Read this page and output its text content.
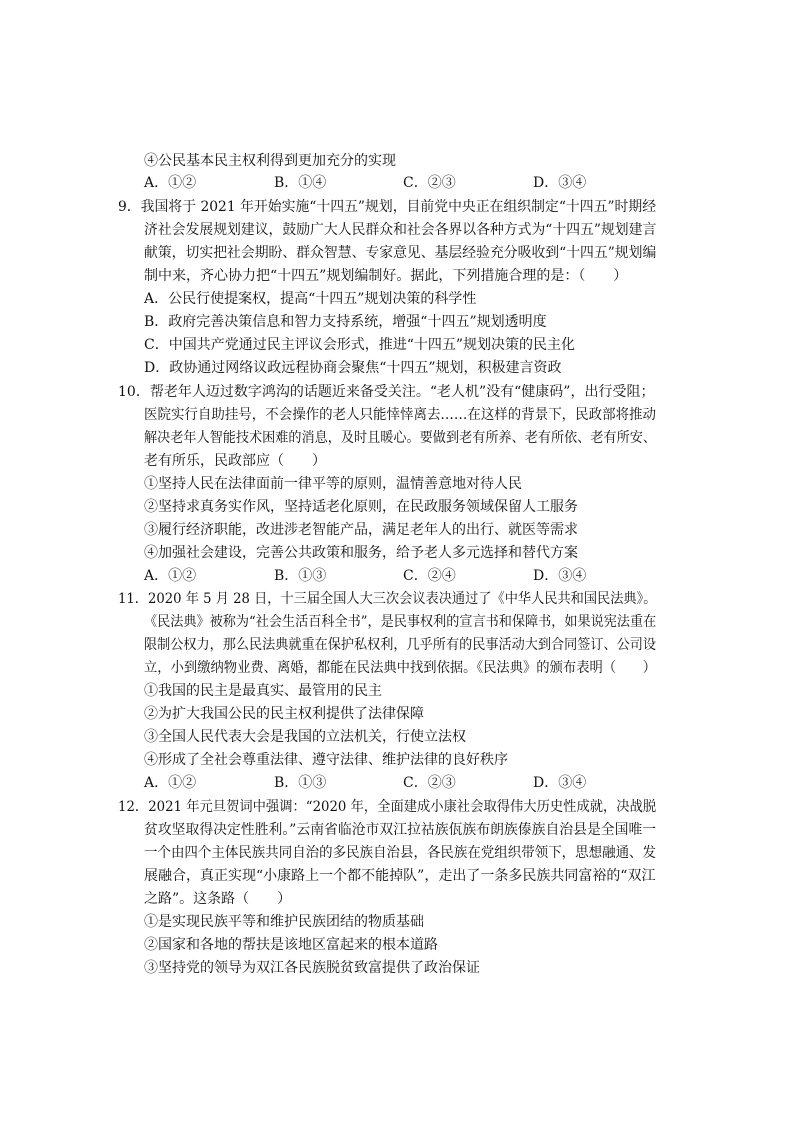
④公民基本民主权利得到更加充分的实现
A．①②	B．①④	C．②③	D．③④
9．我国将于 2021 年开始实施“十四五”规划，目前党中央正在组织制定“十四五”时期经
济社会发展规划建议，鼓励广大人民群众和社会各界以各种方式为“十四五”规划建言
献策，切实把社会期盼、群众智慧、专家意见、基层经验充分吸收到“十四五”规划编
制中来，齐心协力把“十四五”规划编制好。据此，下列措施合理的是：（　　）
A．公民行使提案权，提高“十四五”规划决策的科学性
B．政府完善决策信息和智力支持系统，增强“十四五”规划透明度
C．中国共产党通过民主评议会形式，推进“十四五”规划决策的民主化
D．政协通过网络议政远程协商会聚焦“十四五”规划，积极建言资政
10．帮老年人迈过数字鸿沟的话题近来备受关注。“老人机”没有“健康码”，出行受阻；
医院实行自助挂号，不会操作的老人只能悻悻离去……在这样的背景下，民政部将推动
解决老年人智能技术困难的消息，及时且暖心。要做到老有所养、老有所依、老有所安、
老有所乐，民政部应（　　）
①坚持人民在法律面前一律平等的原则，温情善意地对待人民
②坚持求真务实作风，坚持适老化原则，在民政服务领域保留人工服务
③履行经济职能，改进涉老智能产品，满足老年人的出行、就医等需求
④加强社会建设，完善公共政策和服务，给予老人多元选择和替代方案
A．①②	B．①③	C．②④	D．③④
11．2020 年 5 月 28 日，十三届全国人大三次会议表决通过了《中华人民共和国民法典》。
《民法典》被称为“社会生活百科全书”，是民事权利的宣言书和保障书，如果说宪法重在
限制公权力，那么民法典就重在保护私权利，几乎所有的民事活动大到合同签订、公司设
立，小到缴纳物业费、离婚，都能在民法典中找到依据。《民法典》的颁布表明（　　）
①我国的民主是最真实、最管用的民主
②为扩大我国公民的民主权利提供了法律保障
③全国人民代表大会是我国的立法机关，行使立法权
④形成了全社会尊重法律、遵守法律、维护法律的良好秩序
A．①②	B．①③	C．②③	D．③④
12．2021 年元旦贺词中强调：“2020 年，全面建成小康社会取得伟大历史性成就，决战脱
贫攻坚取得决定性胜利。”云南省临沧市双江拉祜族佤族布朗族傣族自治县是全国唯一
一个由四个主体民族共同自治的多民族自治县，各民族在党组织带领下，思想融通、发
展融合，真正实现“小康路上一个都不能掉队”，走出了一条多民族共同富裕的“双江
之路”。这条路（　　）
①是实现民族平等和维护民族团结的物质基础
②国家和各地的帮扶是该地区富起来的根本道路
③坚持党的领导为双江各民族脱贫致富提供了政治保证
